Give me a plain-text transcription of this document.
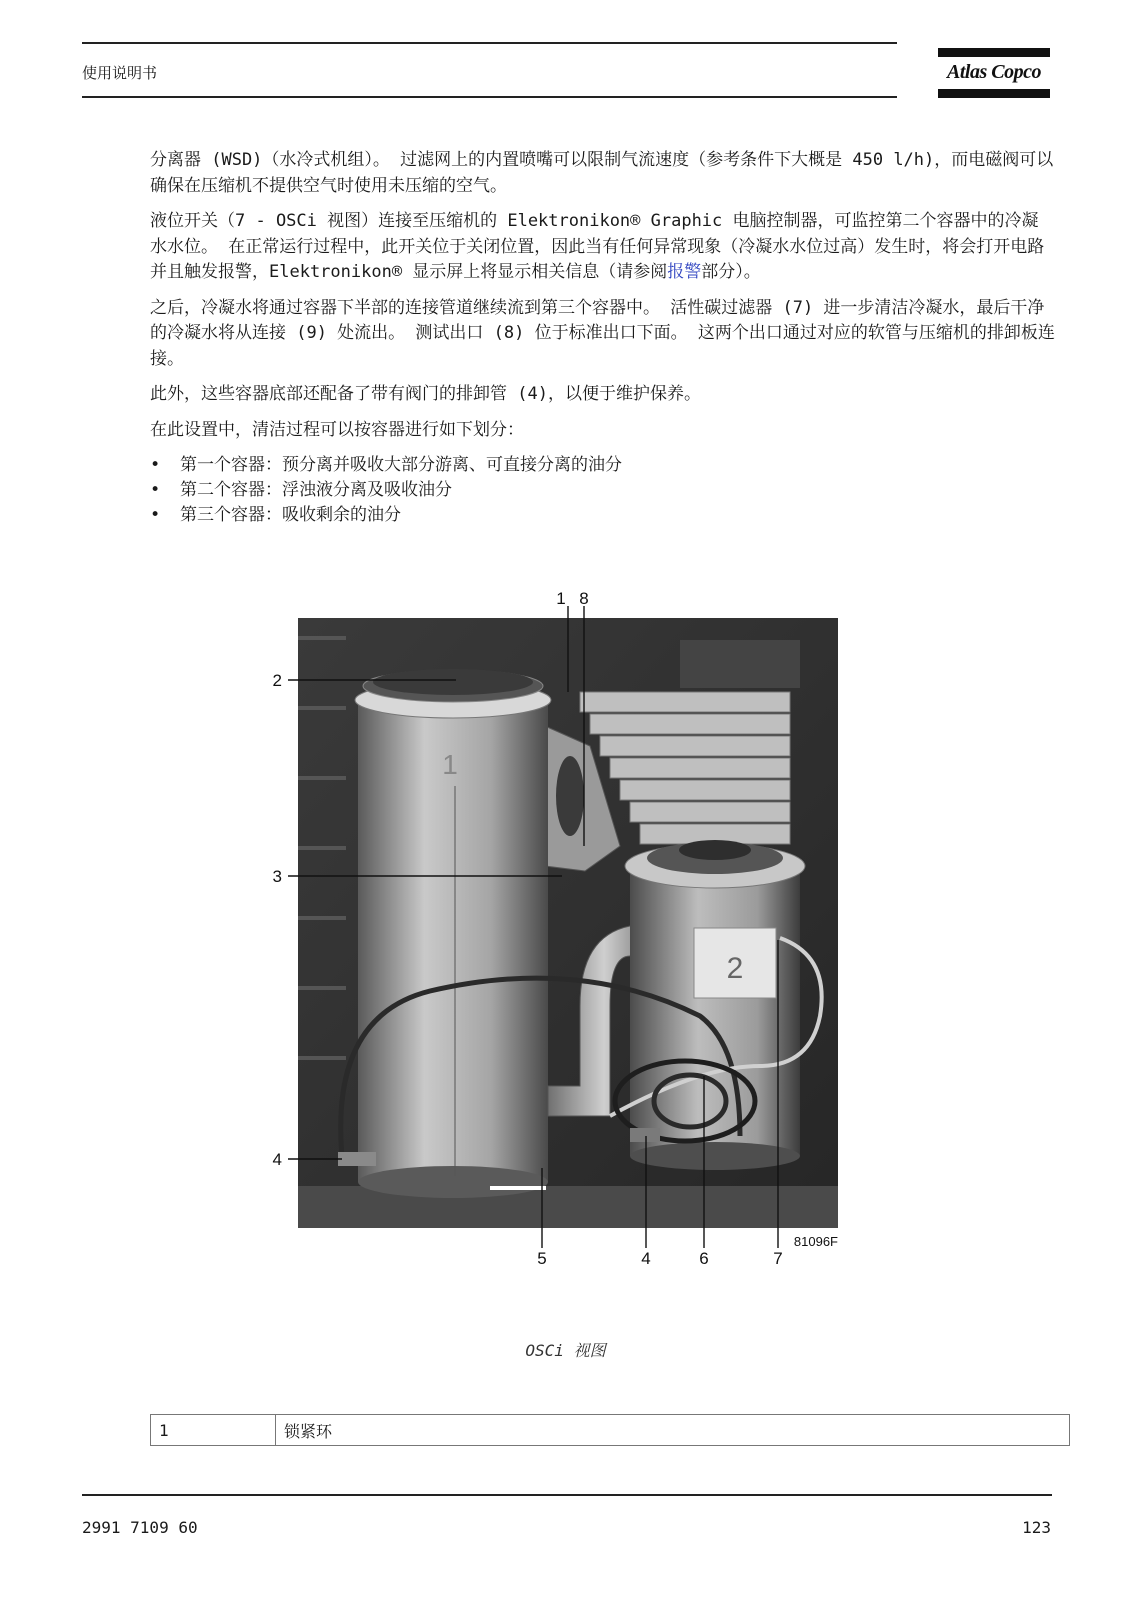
使用说明书	Atlas Copco

分离器 (WSD)（水冷式机组）。 过滤网上的内置喷嘴可以限制气流速度（参考条件下大概是 450 l/h)，而电磁阀可以确保在压缩机不提供空气时使用未压缩的空气。

液位开关（7 - OSCi 视图）连接至压缩机的 Elektronikon® Graphic 电脑控制器，可监控第二个容器中的冷凝水水位。 在正常运行过程中，此开关位于关闭位置，因此当有任何异常现象（冷凝水水位过高）发生时，将会打开电路并且触发报警，Elektronikon® 显示屏上将显示相关信息（请参阅报警部分）。

之后，冷凝水将通过容器下半部的连接管道继续流到第三个容器中。 活性碳过滤器 (7) 进一步清洁冷凝水，最后干净的冷凝水将从连接 (9) 处流出。 测试出口 (8) 位于标准出口下面。 这两个出口通过对应的软管与压缩机的排卸板连接。

此外，这些容器底部还配备了带有阀门的排卸管 (4)，以便于维护保养。

在此设置中，清洁过程可以按容器进行如下划分：

• 第一个容器：预分离并吸收大部分游离、可直接分离的油分
• 第二个容器：浮浊液分离及吸收油分
• 第三个容器：吸收剩余的油分
1
2
1 8
2
3
4
5	4	6	7
81096F
OSCi 视图
1	锁紧环
2991 7109 60	123
